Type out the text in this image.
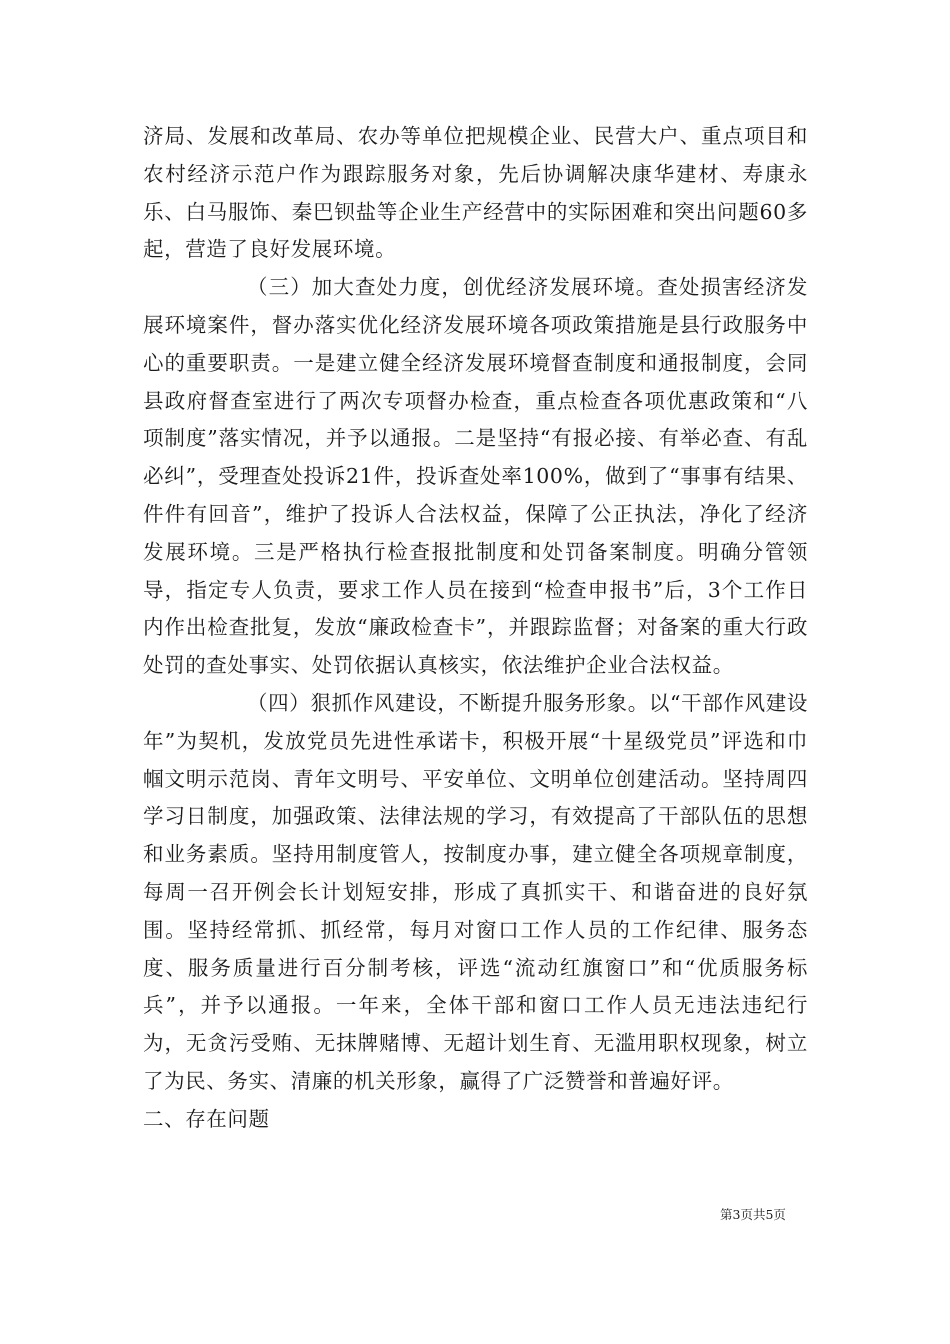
济局、发展和改革局、农办等单位把规模企业、民营大户、重点项目和农村经济示范户作为跟踪服务对象，先后协调解决康华建材、寿康永乐、白马服饰、秦巴钡盐等企业生产经营中的实际困难和突出问题60多起，营造了良好发展环境。

（三）加大查处力度，创优经济发展环境。查处损害经济发展环境案件，督办落实优化经济发展环境各项政策措施是县行政服务中心的重要职责。一是建立健全经济发展环境督查制度和通报制度，会同县政府督查室进行了两次专项督办检查，重点检查各项优惠政策和“八项制度”落实情况，并予以通报。二是坚持“有报必接、有举必查、有乱必纠”，受理查处投诉21件，投诉查处率100%，做到了“事事有结果、件件有回音”，维护了投诉人合法权益，保障了公正执法，净化了经济发展环境。三是严格执行检查报批制度和处罚备案制度。明确分管领导，指定专人负责，要求工作人员在接到“检查申报书”后，3个工作日内作出检查批复，发放“廉政检查卡”，并跟踪监督；对备案的重大行政处罚的查处事实、处罚依据认真核实，依法维护企业合法权益。

（四）狠抓作风建设，不断提升服务形象。以“干部作风建设年”为契机，发放党员先进性承诺卡，积极开展“十星级党员”评选和巾帼文明示范岗、青年文明号、平安单位、文明单位创建活动。坚持周四学习日制度，加强政策、法律法规的学习，有效提高了干部队伍的思想和业务素质。坚持用制度管人，按制度办事，建立健全各项规章制度，每周一召开例会长计划短安排，形成了真抓实干、和谐奋进的良好氛围。坚持经常抓、抓经常，每月对窗口工作人员的工作纪律、服务态度、服务质量进行百分制考核，评选“流动红旗窗口”和“优质服务标兵”，并予以通报。一年来，全体干部和窗口工作人员无违法违纪行为，无贪污受贿、无抹牌赌博、无超计划生育、无滥用职权现象，树立了为民、务实、清廉的机关形象，赢得了广泛赞誉和普遍好评。

二、存在问题

第3页共5页
